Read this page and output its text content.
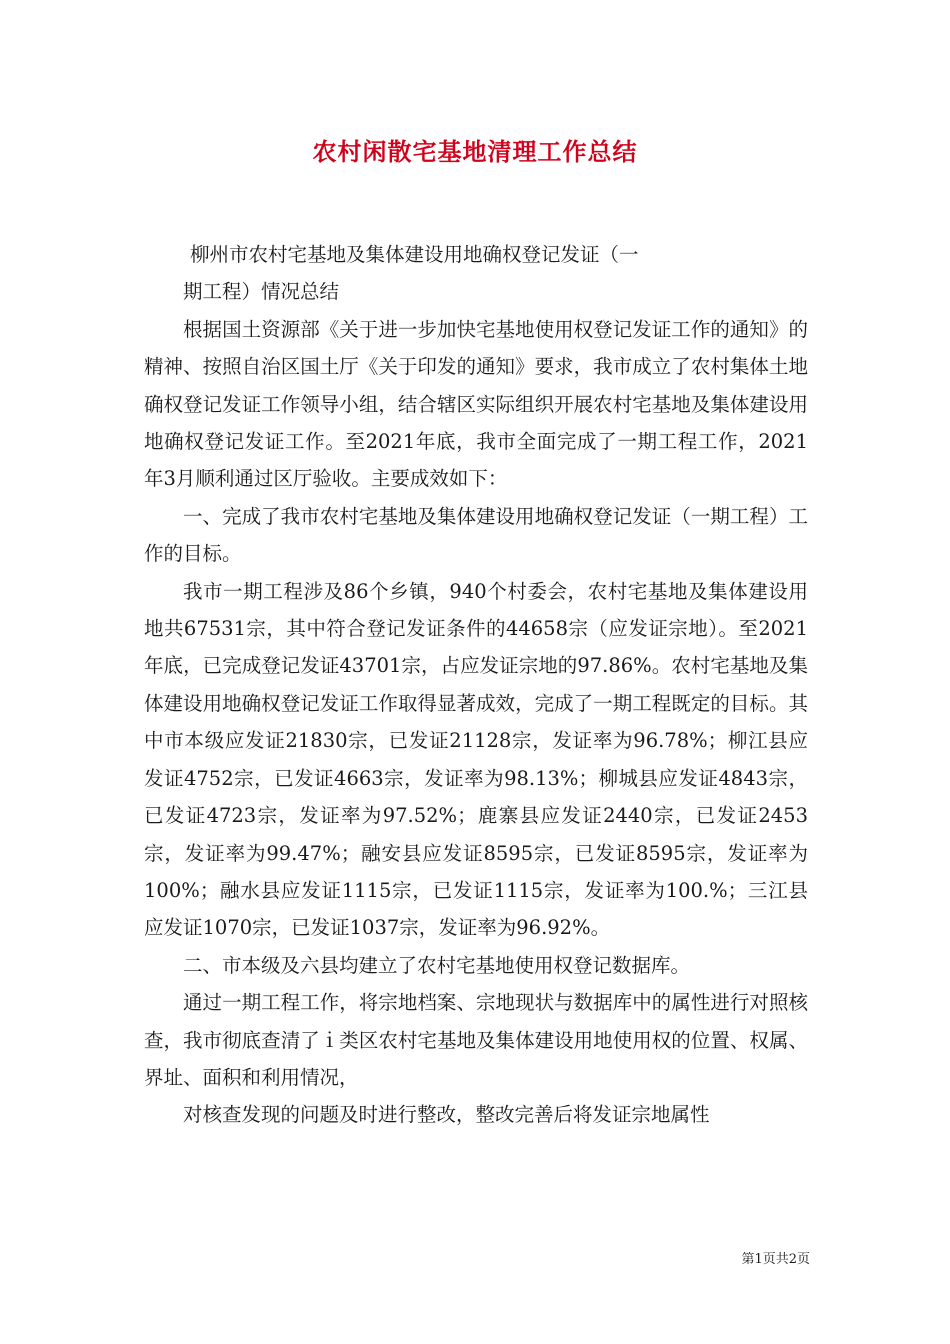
农村闲散宅基地清理工作总结

柳州市农村宅基地及集体建设用地确权登记发证（一

期工程）情况总结

根据国土资源部《关于进一步加快宅基地使用权登记发证工作的通知》的精神、按照自治区国土厅《关于印发的通知》要求，我市成立了农村集体土地确权登记发证工作领导小组，结合辖区实际组织开展农村宅基地及集体建设用地确权登记发证工作。至2021年底，我市全面完成了一期工程工作，2021年3月顺利通过区厅验收。主要成效如下：

一、完成了我市农村宅基地及集体建设用地确权登记发证（一期工程）工作的目标。

我市一期工程涉及86个乡镇，940个村委会，农村宅基地及集体建设用地共67531宗，其中符合登记发证条件的44658宗（应发证宗地）。至2021年底，已完成登记发证43701宗，占应发证宗地的97.86%。农村宅基地及集体建设用地确权登记发证工作取得显著成效，完成了一期工程既定的目标。其中市本级应发证21830宗，已发证21128宗，发证率为96.78%；柳江县应发证4752宗，已发证4663宗，发证率为98.13%；柳城县应发证4843宗，已发证4723宗，发证率为97.52%；鹿寨县应发证2440宗，已发证2453宗，发证率为99.47%；融安县应发证8595宗，已发证8595宗，发证率为100%；融水县应发证1115宗，已发证1115宗，发证率为100.%；三江县应发证1070宗，已发证1037宗，发证率为96.92%。

二、市本级及六县均建立了农村宅基地使用权登记数据库。

通过一期工程工作，将宗地档案、宗地现状与数据库中的属性进行对照核查，我市彻底查清了ｉ类区农村宅基地及集体建设用地使用权的位置、权属、界址、面积和利用情况，

对核查发现的问题及时进行整改，整改完善后将发证宗地属性

第1页共2页
